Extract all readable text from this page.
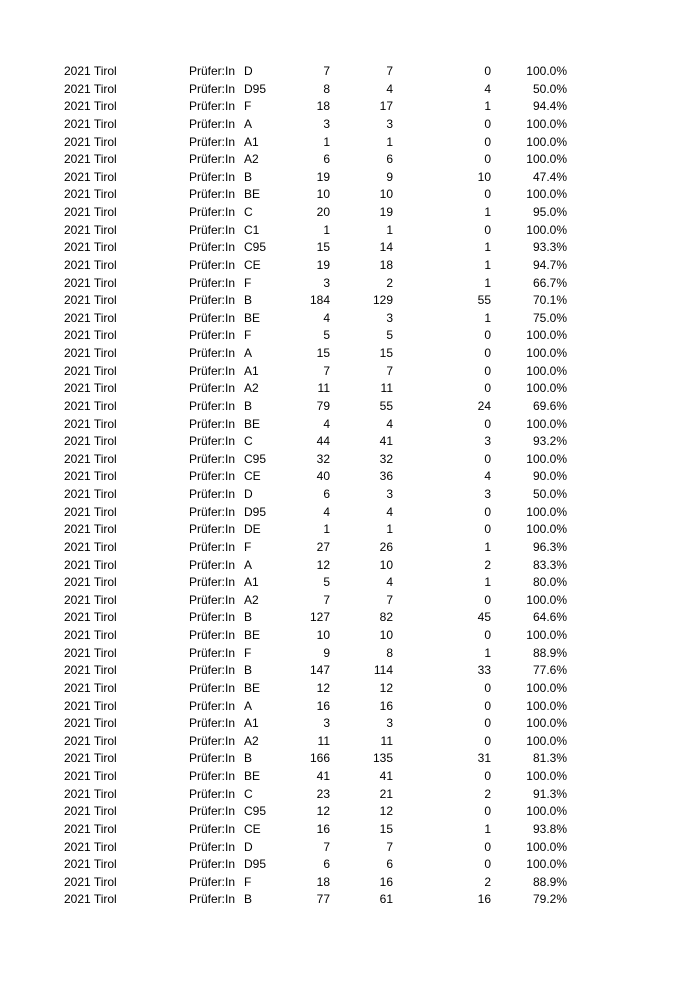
2021 Tirol	Prüfer:In D	7	7	0	100.0%
2021 Tirol	Prüfer:In D95	8	4	4	50.0%
2021 Tirol	Prüfer:In F	18	17	1	94.4%
2021 Tirol	Prüfer:In A	3	3	0	100.0%
2021 Tirol	Prüfer:In A1	1	1	0	100.0%
2021 Tirol	Prüfer:In A2	6	6	0	100.0%
2021 Tirol	Prüfer:In B	19	9	10	47.4%
2021 Tirol	Prüfer:In BE	10	10	0	100.0%
2021 Tirol	Prüfer:In C	20	19	1	95.0%
2021 Tirol	Prüfer:In C1	1	1	0	100.0%
2021 Tirol	Prüfer:In C95	15	14	1	93.3%
2021 Tirol	Prüfer:In CE	19	18	1	94.7%
2021 Tirol	Prüfer:In F	3	2	1	66.7%
2021 Tirol	Prüfer:In B	184	129	55	70.1%
2021 Tirol	Prüfer:In BE	4	3	1	75.0%
2021 Tirol	Prüfer:In F	5	5	0	100.0%
2021 Tirol	Prüfer:In A	15	15	0	100.0%
2021 Tirol	Prüfer:In A1	7	7	0	100.0%
2021 Tirol	Prüfer:In A2	11	11	0	100.0%
2021 Tirol	Prüfer:In B	79	55	24	69.6%
2021 Tirol	Prüfer:In BE	4	4	0	100.0%
2021 Tirol	Prüfer:In C	44	41	3	93.2%
2021 Tirol	Prüfer:In C95	32	32	0	100.0%
2021 Tirol	Prüfer:In CE	40	36	4	90.0%
2021 Tirol	Prüfer:In D	6	3	3	50.0%
2021 Tirol	Prüfer:In D95	4	4	0	100.0%
2021 Tirol	Prüfer:In DE	1	1	0	100.0%
2021 Tirol	Prüfer:In F	27	26	1	96.3%
2021 Tirol	Prüfer:In A	12	10	2	83.3%
2021 Tirol	Prüfer:In A1	5	4	1	80.0%
2021 Tirol	Prüfer:In A2	7	7	0	100.0%
2021 Tirol	Prüfer:In B	127	82	45	64.6%
2021 Tirol	Prüfer:In BE	10	10	0	100.0%
2021 Tirol	Prüfer:In F	9	8	1	88.9%
2021 Tirol	Prüfer:In B	147	114	33	77.6%
2021 Tirol	Prüfer:In BE	12	12	0	100.0%
2021 Tirol	Prüfer:In A	16	16	0	100.0%
2021 Tirol	Prüfer:In A1	3	3	0	100.0%
2021 Tirol	Prüfer:In A2	11	11	0	100.0%
2021 Tirol	Prüfer:In B	166	135	31	81.3%
2021 Tirol	Prüfer:In BE	41	41	0	100.0%
2021 Tirol	Prüfer:In C	23	21	2	91.3%
2021 Tirol	Prüfer:In C95	12	12	0	100.0%
2021 Tirol	Prüfer:In CE	16	15	1	93.8%
2021 Tirol	Prüfer:In D	7	7	0	100.0%
2021 Tirol	Prüfer:In D95	6	6	0	100.0%
2021 Tirol	Prüfer:In F	18	16	2	88.9%
2021 Tirol	Prüfer:In B	77	61	16	79.2%
